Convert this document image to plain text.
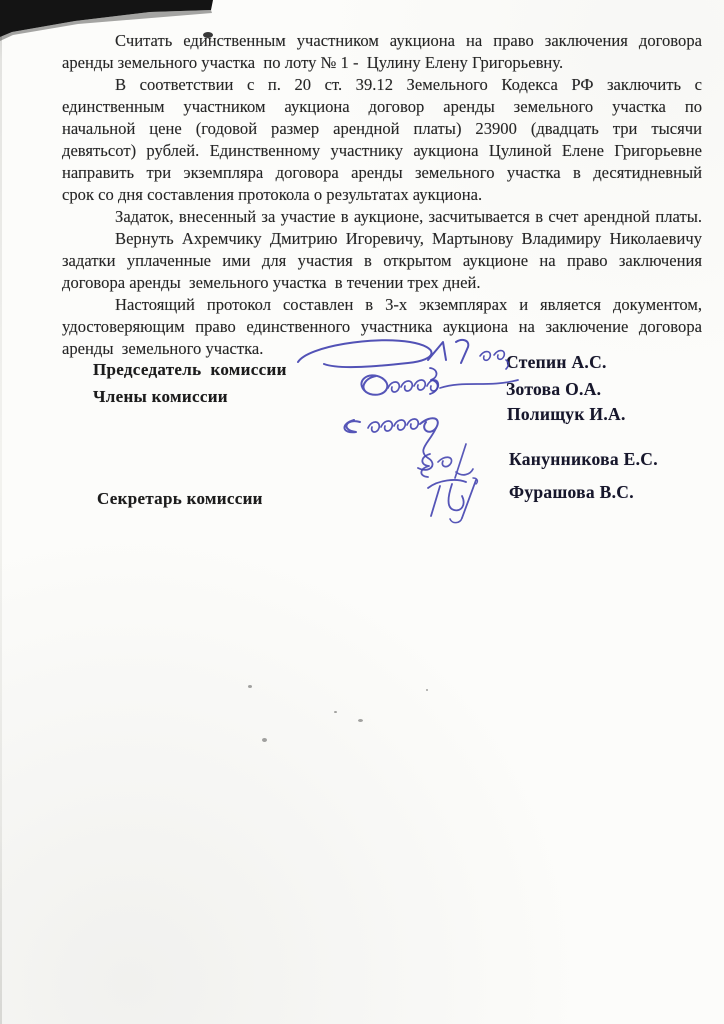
Считать единственным участником аукциона на право заключения договора
аренды земельного участка  по лоту № 1 -  Цулину Елену Григорьевну.
В соответствии с п. 20 ст. 39.12 Земельного Кодекса РФ заключить с
единственным участником аукциона договор аренды земельного участка по
начальной цене (годовой размер арендной платы) 23900 (двадцать три тысячи
девятьсот) рублей. Единственному участнику аукциона Цулиной Елене Григорьевне
направить три экземпляра договора аренды земельного участка в десятидневный
срок со дня составления протокола о результатах аукциона.
Задаток, внесенный за участие в аукционе, засчитывается в счет арендной платы.
Вернуть Ахремчику Дмитрию Игоревичу, Мартынову Владимиру Николаевичу
задатки уплаченные ими для участия в открытом аукционе на право заключения
договора аренды  земельного участка  в течении трех дней.
Настоящий протокол составлен в 3-х экземплярах и является документом,
удостоверяющим право единственного участника аукциона на заключение договора
аренды  земельного участка.
Председатель  комиссии
Члены комиссии
Секретарь комиссии
Степин А.С.
Зотова О.А.
Полищук И.А.
Канунникова Е.С.
Фурашова В.С.
